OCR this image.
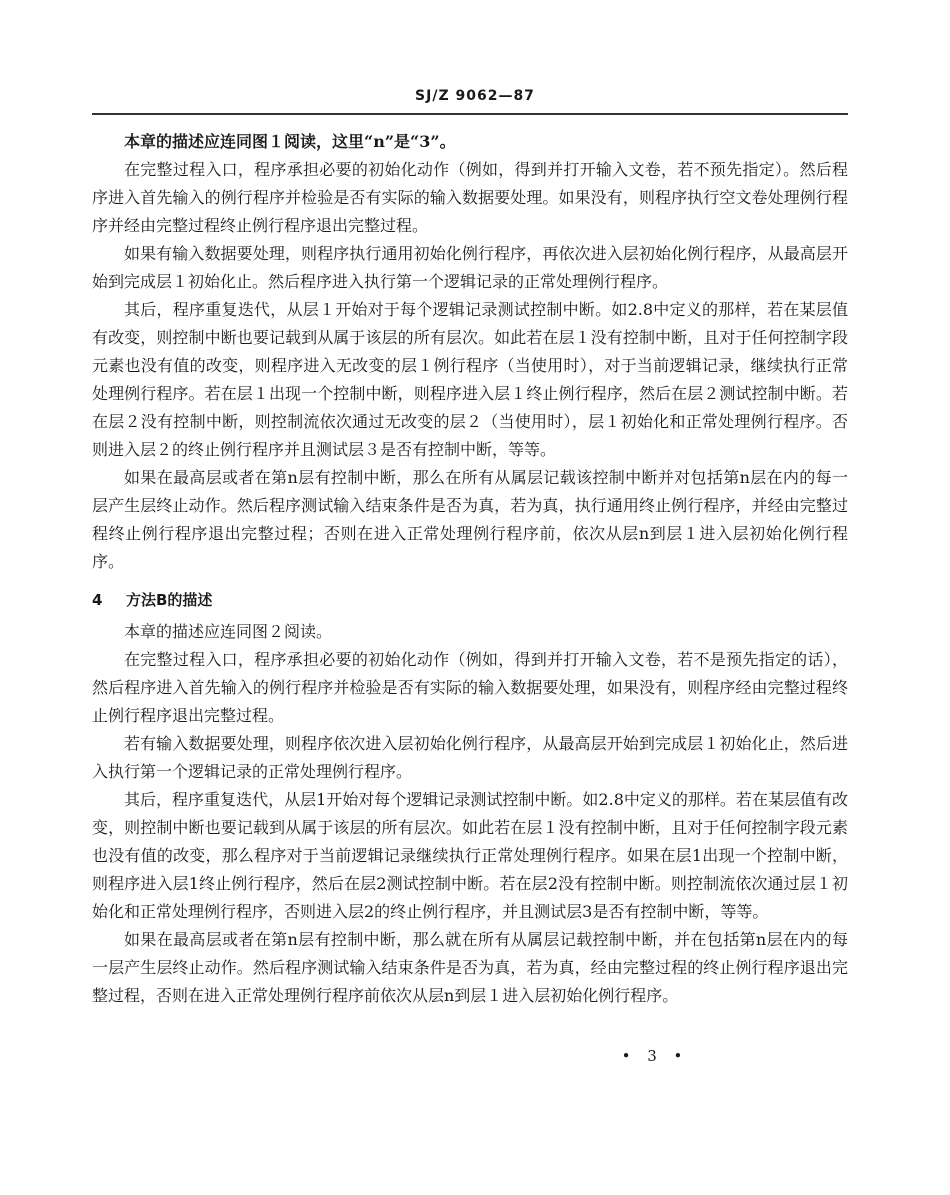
SJ/Z 9062—87

本章的描述应连同图１阅读，这里“n”是“3”。

在完整过程入口，程序承担必要的初始化动作（例如，得到并打开输入文卷，若不预先指定）。然后程序进入首先输入的例行程序并检验是否有实际的输入数据要处理。如果没有，则程序执行空文卷处理例行程序并经由完整过程终止例行程序退出完整过程。

如果有输入数据要处理，则程序执行通用初始化例行程序，再依次进入层初始化例行程序，从最高层开始到完成层１初始化止。然后程序进入执行第一个逻辑记录的正常处理例行程序。

其后，程序重复迭代，从层１开始对于每个逻辑记录测试控制中断。如2.8中定义的那样，若在某层值有改变，则控制中断也要记载到从属于该层的所有层次。如此若在层１没有控制中断，且对于任何控制字段元素也没有值的改变，则程序进入无改变的层１例行程序（当使用时），对于当前逻辑记录，继续执行正常处理例行程序。若在层１出现一个控制中断，则程序进入层１终止例行程序，然后在层２测试控制中断。若在层２没有控制中断，则控制流依次通过无改变的层２（当使用时），层１初始化和正常处理例行程序。否则进入层２的终止例行程序并且测试层３是否有控制中断，等等。

如果在最高层或者在第n层有控制中断，那么在所有从属层记载该控制中断并对包括第n层在内的每一层产生层终止动作。然后程序测试输入结束条件是否为真，若为真，执行通用终止例行程序，并经由完整过程终止例行程序退出完整过程；否则在进入正常处理例行程序前，依次从层n到层１进入层初始化例行程序。

4 方法B的描述

本章的描述应连同图２阅读。

在完整过程入口，程序承担必要的初始化动作（例如，得到并打开输入文卷，若不是预先指定的话），然后程序进入首先输入的例行程序并检验是否有实际的输入数据要处理，如果没有，则程序经由完整过程终止例行程序退出完整过程。

若有输入数据要处理，则程序依次进入层初始化例行程序，从最高层开始到完成层１初始化止，然后进入执行第一个逻辑记录的正常处理例行程序。

其后，程序重复迭代，从层1开始对每个逻辑记录测试控制中断。如2.8中定义的那样。若在某层值有改变，则控制中断也要记载到从属于该层的所有层次。如此若在层１没有控制中断，且对于任何控制字段元素也没有值的改变，那么程序对于当前逻辑记录继续执行正常处理例行程序。如果在层1出现一个控制中断，则程序进入层1终止例行程序，然后在层2测试控制中断。若在层2没有控制中断。则控制流依次通过层１初始化和正常处理例行程序，否则进入层2的终止例行程序，并且测试层3是否有控制中断，等等。

如果在最高层或者在第n层有控制中断，那么就在所有从属层记载控制中断，并在包括第n层在内的每一层产生层终止动作。然后程序测试输入结束条件是否为真，若为真，经由完整过程的终止例行程序退出完整过程，否则在进入正常处理例行程序前依次从层n到层１进入层初始化例行程序。

• 3 •
